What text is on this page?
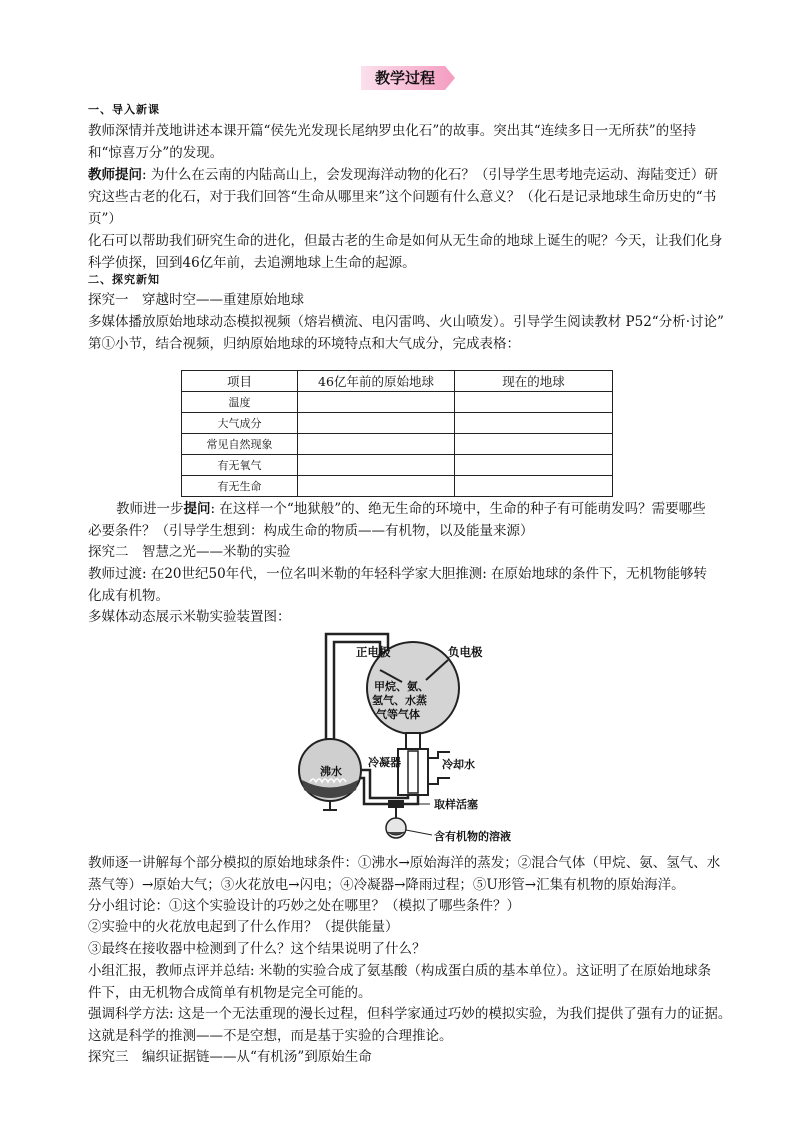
教学过程
一、导入新课
教师深情并茂地讲述本课开篇“侯先光发现长尾纳罗虫化石”的故事。突出其“连续多日一无所获”的坚持
和“惊喜万分”的发现。
教师提问: 为什么在云南的内陆高山上，会发现海洋动物的化石？（引导学生思考地壳运动、海陆变迁）研
究这些古老的化石，对于我们回答“生命从哪里来”这个问题有什么意义？（化石是记录地球生命历史的“书
页”）
化石可以帮助我们研究生命的进化，但最古老的生命是如何从无生命的地球上诞生的呢？今天，让我们化身
科学侦探，回到46亿年前，去追溯地球上生命的起源。
二、探究新知
探究一　穿越时空——重建原始地球
多媒体播放原始地球动态模拟视频（熔岩横流、电闪雷鸣、火山喷发）。引导学生阅读教材 P52“分析·讨论”
第①小节，结合视频，归纳原始地球的环境特点和大气成分，完成表格：
项目	46亿年前的原始地球	现在的地球
温度		
大气成分		
常见自然现象		
有无氧气		
有无生命		
教师进一步提问: 在这样一个“地狱般”的、绝无生命的环境中，生命的种子有可能萌发吗？需要哪些
必要条件？（引导学生想到：构成生命的物质——有机物，以及能量来源）
探究二　智慧之光——米勒的实验
教师过渡: 在20世纪50年代，一位名叫米勒的年轻科学家大胆推测: 在原始地球的条件下，无机物能够转
化成有机物。
多媒体动态展示米勒实验装置图：
正电极	负电极
甲烷、氨、
氢气、水蒸
气等气体
沸水
冷凝器	冷却水
取样活塞
含有机物的溶液
教师逐一讲解每个部分模拟的原始地球条件：①沸水→原始海洋的蒸发；②混合气体（甲烷、氨、氢气、水
蒸气等）→原始大气；③火花放电→闪电；④冷凝器→降雨过程；⑤U形管→汇集有机物的原始海洋。
分小组讨论：①这个实验设计的巧妙之处在哪里？（模拟了哪些条件？）
②实验中的火花放电起到了什么作用？（提供能量）
③最终在接收器中检测到了什么？这个结果说明了什么？
小组汇报，教师点评并总结: 米勒的实验合成了氨基酸（构成蛋白质的基本单位）。这证明了在原始地球条
件下，由无机物合成简单有机物是完全可能的。
强调科学方法: 这是一个无法重现的漫长过程，但科学家通过巧妙的模拟实验，为我们提供了强有力的证据。
这就是科学的推测——不是空想，而是基于实验的合理推论。
探究三　编织证据链——从“有机汤”到原始生命
